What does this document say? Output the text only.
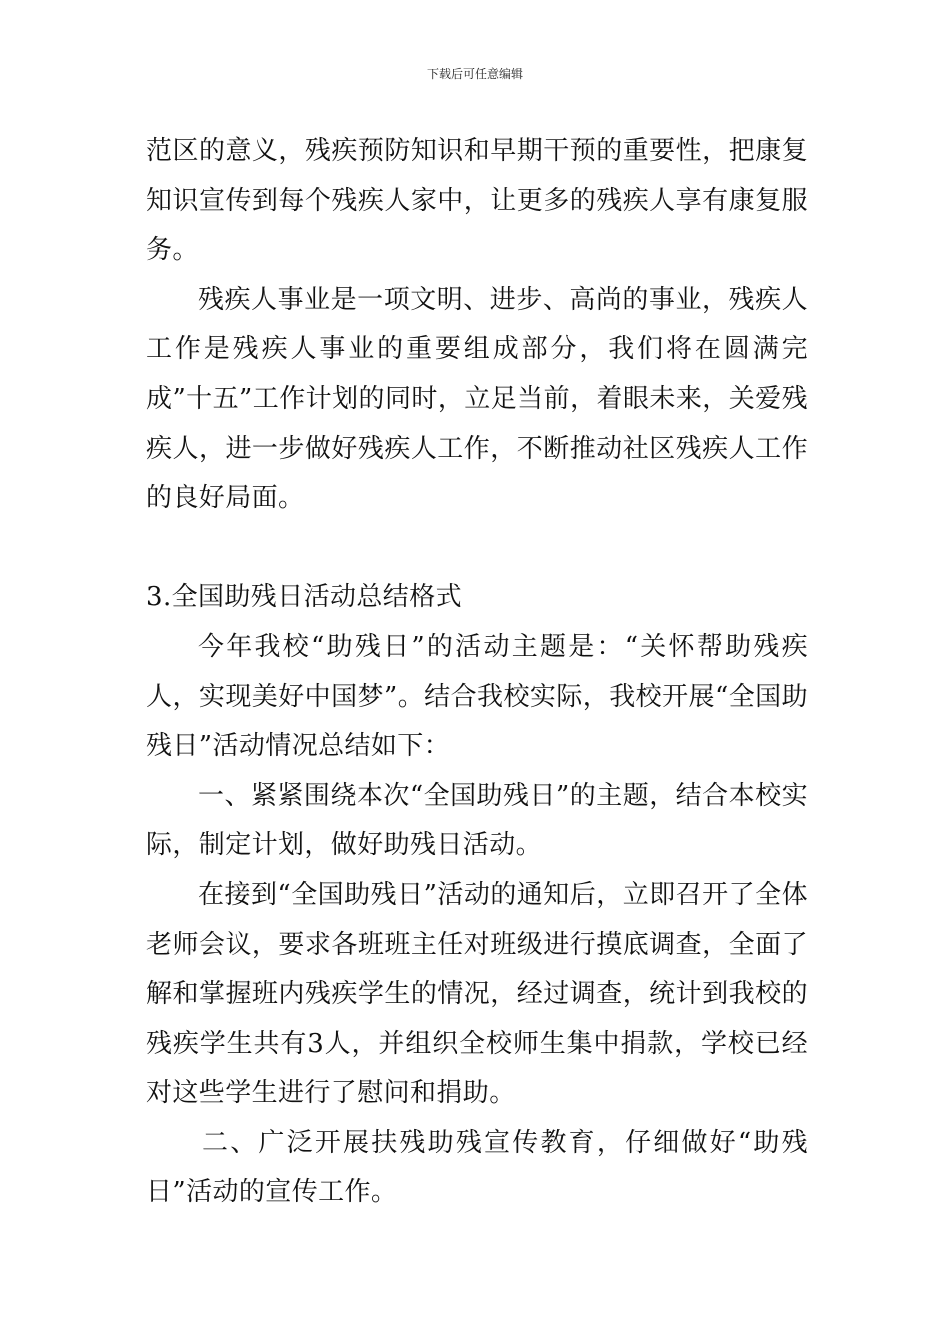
下载后可任意编辑

范区的意义，残疾预防知识和早期干预的重要性，把康复知识宣传到每个残疾人家中，让更多的残疾人享有康复服务。

残疾人事业是一项文明、进步、高尚的事业，残疾人工作是残疾人事业的重要组成部分，我们将在圆满完成”十五”工作计划的同时，立足当前，着眼未来，关爱残疾人，进一步做好残疾人工作，不断推动社区残疾人工作的良好局面。

3.全国助残日活动总结格式

今年我校“助残日”的活动主题是：“关怀帮助残疾人，实现美好中国梦”。结合我校实际，我校开展“全国助残日”活动情况总结如下：

一、紧紧围绕本次“全国助残日”的主题，结合本校实际，制定计划，做好助残日活动。

在接到“全国助残日”活动的通知后，立即召开了全体老师会议，要求各班班主任对班级进行摸底调查，全面了解和掌握班内残疾学生的情况，经过调查，统计到我校的残疾学生共有3人，并组织全校师生集中捐款，学校已经对这些学生进行了慰问和捐助。

二、广泛开展扶残助残宣传教育，仔细做好“助残日”活动的宣传工作。
